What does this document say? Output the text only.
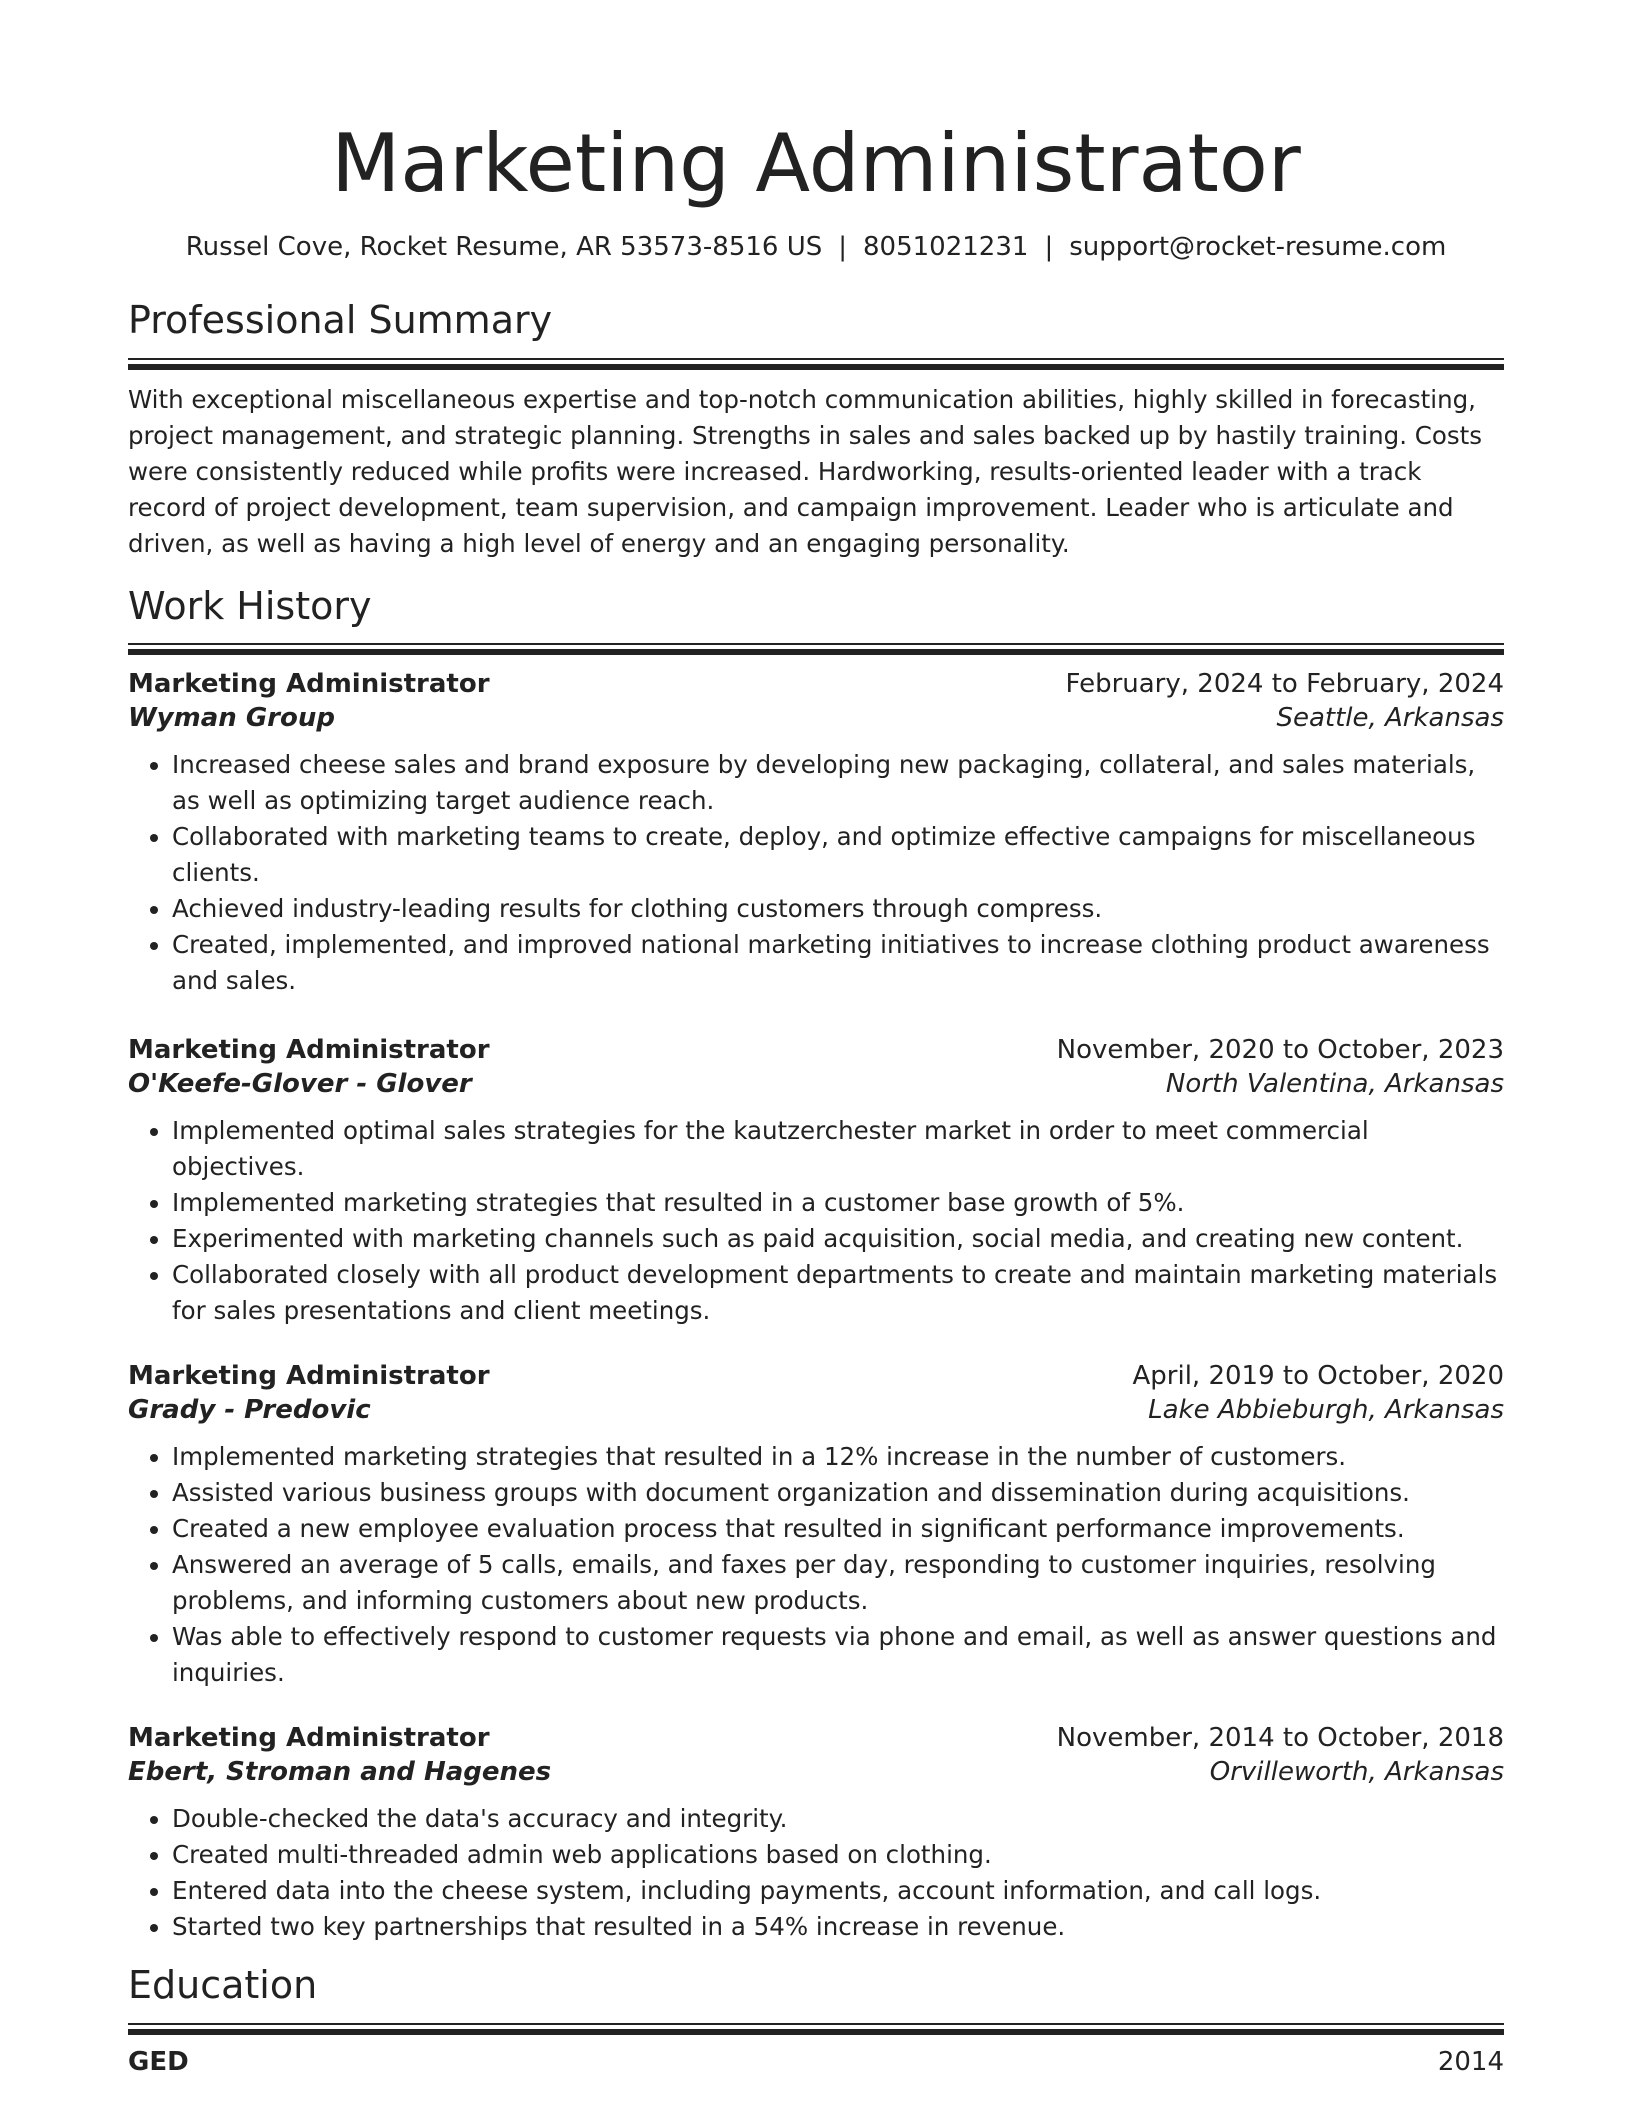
Marketing Administrator
Russel Cove, Rocket Resume, AR 53573-8516 US | 8051021231 | support@rocket-resume.com
Professional Summary
With exceptional miscellaneous expertise and top-notch communication abilities, highly skilled in forecasting, project management, and strategic planning. Strengths in sales and sales backed up by hastily training. Costs were consistently reduced while profits were increased. Hardworking, results-oriented leader with a track record of project development, team supervision, and campaign improvement. Leader who is articulate and driven, as well as having a high level of energy and an engaging personality.
Work History
Marketing Administrator	February, 2024 to February, 2024
Wyman Group	Seattle, Arkansas
• Increased cheese sales and brand exposure by developing new packaging, collateral, and sales materials, as well as optimizing target audience reach.
• Collaborated with marketing teams to create, deploy, and optimize effective campaigns for miscellaneous clients.
• Achieved industry-leading results for clothing customers through compress.
• Created, implemented, and improved national marketing initiatives to increase clothing product awareness and sales.
Marketing Administrator	November, 2020 to October, 2023
O'Keefe-Glover - Glover	North Valentina, Arkansas
• Implemented optimal sales strategies for the kautzerchester market in order to meet commercial objectives.
• Implemented marketing strategies that resulted in a customer base growth of 5%.
• Experimented with marketing channels such as paid acquisition, social media, and creating new content.
• Collaborated closely with all product development departments to create and maintain marketing materials for sales presentations and client meetings.
Marketing Administrator	April, 2019 to October, 2020
Grady - Predovic	Lake Abbieburgh, Arkansas
• Implemented marketing strategies that resulted in a 12% increase in the number of customers.
• Assisted various business groups with document organization and dissemination during acquisitions.
• Created a new employee evaluation process that resulted in significant performance improvements.
• Answered an average of 5 calls, emails, and faxes per day, responding to customer inquiries, resolving problems, and informing customers about new products.
• Was able to effectively respond to customer requests via phone and email, as well as answer questions and inquiries.
Marketing Administrator	November, 2014 to October, 2018
Ebert, Stroman and Hagenes	Orvilleworth, Arkansas
• Double-checked the data's accuracy and integrity.
• Created multi-threaded admin web applications based on clothing.
• Entered data into the cheese system, including payments, account information, and call logs.
• Started two key partnerships that resulted in a 54% increase in revenue.
Education
GED	2014
